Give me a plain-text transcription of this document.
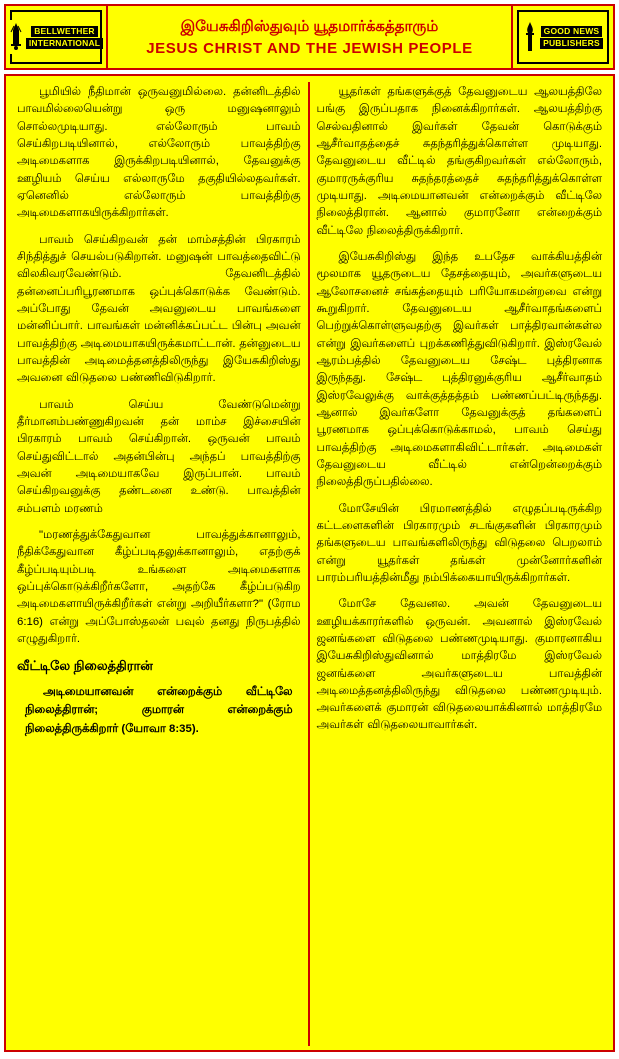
BELLWETHER
INTERNATIONAL
இயேசுகிறிஸ்துவும் யூதமார்க்கத்தாரும்
JESUS CHRIST AND THE JEWISH PEOPLE
GOOD NEWS
PUBLISHERS

பூமியில் நீதிமான் ஒருவனுமில்லை. தன்னிடத்தில் பாவமில்லையென்று ஒரு மனுஷனாலும் சொல்லமுடியாது. எல்லோரும் பாவம் செய்கிறபடியினால், எல்லோரும் பாவத்திற்கு அடிமைகளாக இருக்கிறபடியினால், தேவனுக்கு ஊழியம் செய்ய எல்லாருமே தகுதியில்லதவர்கள். ஏனெனில் எல்லோரும் பாவத்திற்கு அடிமைகளாகயிருக்கிறார்கள்.

பாவம் செய்கிறவன் தன் மாம்சத்தின் பிரகாரம் சிந்தித்துச் செயல்படுகிறான். மனுஷன் பாவத்தைவிட்டு விலகிவரவேண்டும். தேவனிடத்தில் தன்னைப்பரிபூரணமாக ஒப்புக்கொடுக்க வேண்டும். அப்போது தேவன் அவனுடைய பாவங்களை மன்னிப்பார். பாவங்கள் மன்னிக்கப்பட்ட பின்பு அவன் பாவத்திற்கு அடிமையாகயிருக்கமாட்டான். தன்னுடைய பாவத்தின் அடிமைத்தனத்திலிருந்து இயேசுகிறிஸ்து அவனை விடுதலை பண்ணிவிடுகிறார்.

பாவம் செய்ய வேண்டுமென்று தீர்மானம்பண்ணுகிறவன் தன் மாம்ச இச்சையின் பிரகாரம் பாவம் செய்கிறான். ஒருவன் பாவம் செய்துவிட்டால் அதன்பின்பு அந்தப் பாவத்திற்கு அவன் அடிமையாகவே இருப்பான். பாவம் செய்கிறவனுக்கு தண்டனை உண்டு. பாவத்தின் சம்பளம் மரணம்

"மரணத்துக்கேதுவான பாவத்துக்கானாலும், நீதிக்கேதுவான கீழ்ப்படிதலுக்கானாலும், எதற்குக் கீழ்ப்படியும்படி உங்களை அடிமைகளாக ஒப்புக்கொடுக்கிறீர்களோ, அதற்கே கீழ்ப்படுகிற அடிமைகளாயிருக்கிறீர்கள் என்று அறியீர்களா?" (ரோம 6:16) என்று அப்போஸ்தலன் பவுல் தனது நிருபத்தில் எழுதுகிறார்.

வீட்டிலே நிலைத்திரான்

அடிமையானவன் என்றைக்கும் வீட்டிலே நிலைத்திரான்; குமாரன் என்றைக்கும் நிலைத்திருக்கிறார் (யோவா 8:35).

யூதர்கள் தங்களுக்குத் தேவனுடைய ஆலயத்திலே பங்கு இருப்பதாக நினைக்கிறார்கள். ஆலயத்திற்கு செல்வதினால் இவர்கள் தேவன் கொடுக்கும் ஆசீர்வாதத்தைச் சுதந்தரித்துக்கொள்ள முடியாது. தேவனுடைய வீட்டில் தங்குகிறவர்கள் எல்லோரும், குமாரருக்குரிய சுதந்தரத்தைச் சுதந்தரித்துக்கொள்ள முடியாது. அடிமையானவன் என்றைக்கும் வீட்டிலே நிலைத்திரான். ஆனால் குமாரனோ என்றைக்கும் வீட்டிலே நிலைத்திருக்கிறார்.

இயேசுகிறிஸ்து இந்த உபதேச வாக்கியத்தின் மூலமாக யூதருடைய தேசத்தையும், அவர்களுடைய ஆலோசனைச் சங்கத்தையும் பரியோகமன்றவை என்று கூறுகிறார். தேவனுடைய ஆசீர்வாதங்களைப் பெற்றுக்கொள்ளுவதற்கு இவர்கள் பாத்திரவான்கள்ல என்று இவர்களைப் புறக்கணித்துவிடுகிறார். இஸ்ரவேல் ஆரம்பத்தில் தேவனுடைய சேஷ்ட புத்திரனாக இருந்தது. சேஷ்ட புத்திரனுக்குரிய ஆசீர்வாதம் இஸ்ரவேலுக்கு வாக்குத்தத்தம் பண்ணப்பட்டிருந்தது. ஆனால் இவர்களோ தேவனுக்குத் தங்களைப் பூரணமாக ஒப்புக்கொடுக்காமல், பாவம் செய்து பாவத்திற்கு அடிமைகளாகிவிட்டார்கள். அடிமைகள் தேவனுடைய வீட்டில் என்றென்றைக்கும் நிலைத்திருப்பதில்லை.

மோசேயின் பிரமாணத்தில் எழுதப்படிருக்கிற கட்டளைகளின் பிரகாரமும் சடங்குகளின் பிரகாரமும் தங்களுடைய பாவங்களிலிருந்து விடுதலை பெறலாம் என்று யூதர்கள் தங்கள் முன்னோர்களின் பாரம்பரியத்தின்மீது நம்பிக்கையாயிருக்கிறார்கள்.

மோசே தேவனல. அவன் தேவனுடைய ஊழியக்காரர்களில் ஒருவன். அவனால் இஸ்ரவேல் ஜனங்களை விடுதலை பண்ணமுடியாது. குமாரனாகிய இயேசுகிறிஸ்துவினால் மாத்திரமே இஸ்ரவேல் ஜனங்களை அவர்களுடைய பாவத்தின் அடிமைத்தனத்திலிருந்து விடுதலை பண்ணமுடியும். அவர்களைக் குமாரன் விடுதலையாக்கினால் மாத்திரமே அவர்கள் விடுதலையாவார்கள்.
